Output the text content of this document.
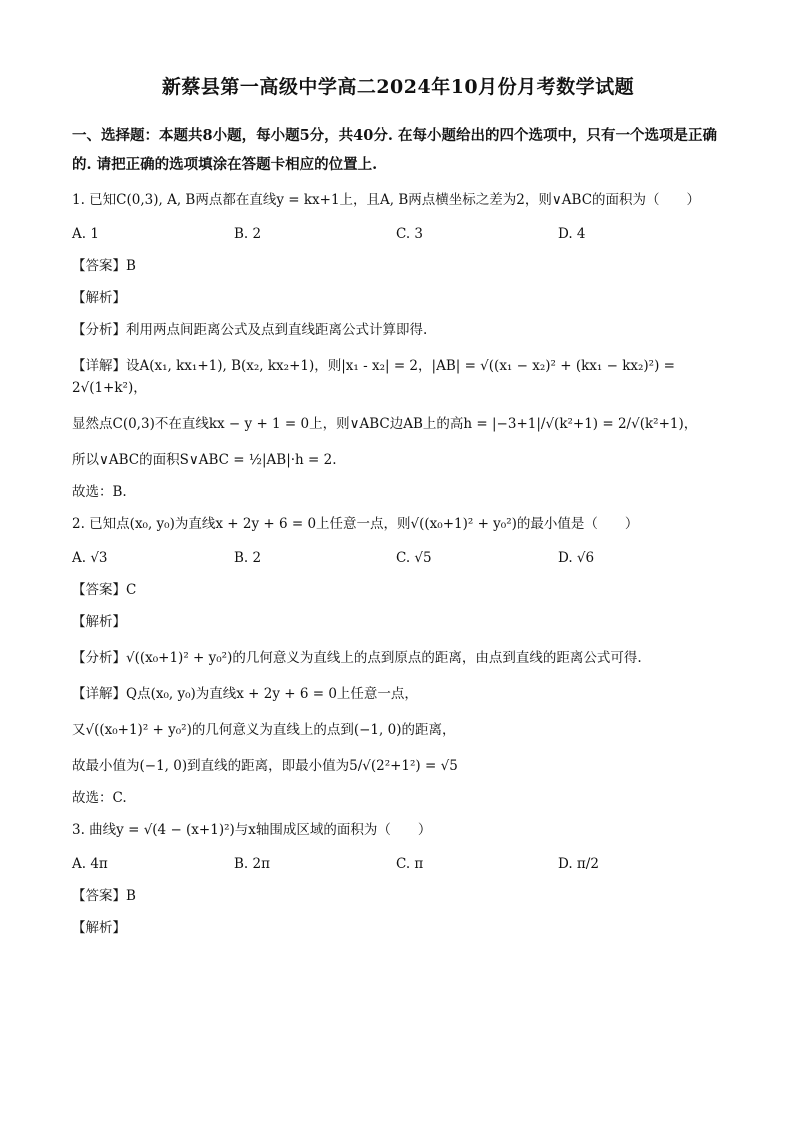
新蔡县第一高级中学高二2024年10月份月考数学试题

一、选择题：本题共8小题，每小题5分，共40分. 在每小题给出的四个选项中，只有一个选项是正确的. 请把正确的选项填涂在答题卡相应的位置上.

1. 已知C(0,3), A, B两点都在直线y = kx+1上，且A, B两点横坐标之差为2，则∨ABC的面积为（　　）

A. 1	B. 2	C. 3	D. 4

【答案】B

【解析】

【分析】利用两点间距离公式及点到直线距离公式计算即得.

【详解】设A(x₁, kx₁+1), B(x₂, kx₂+1)，则|x₁ - x₂| = 2，|AB| = √((x₁ − x₂)² + (kx₁ − kx₂)²) = 2√(1+k²)，

显然点C(0,3)不在直线kx − y + 1 = 0上，则∨ABC边AB上的高h = |−3+1|/√(k²+1) = 2/√(k²+1)，

所以∨ABC的面积S∨ABC = ½|AB|·h = 2.

故选：B.

2. 已知点(x₀, y₀)为直线x + 2y + 6 = 0上任意一点，则√((x₀+1)² + y₀²)的最小值是（　　）

A. √3	B. 2	C. √5	D. √6

【答案】C

【解析】

【分析】√((x₀+1)² + y₀²)的几何意义为直线上的点到原点的距离，由点到直线的距离公式可得.

【详解】Q点(x₀, y₀)为直线x + 2y + 6 = 0上任意一点，

又√((x₀+1)² + y₀²)的几何意义为直线上的点到(−1, 0)的距离，

故最小值为(−1, 0)到直线的距离，即最小值为5/√(2²+1²) = √5

故选：C.

3. 曲线y = √(4 − (x+1)²)与x轴围成区域的面积为（　　）

A. 4π	B. 2π	C. π	D. π/2

【答案】B

【解析】
